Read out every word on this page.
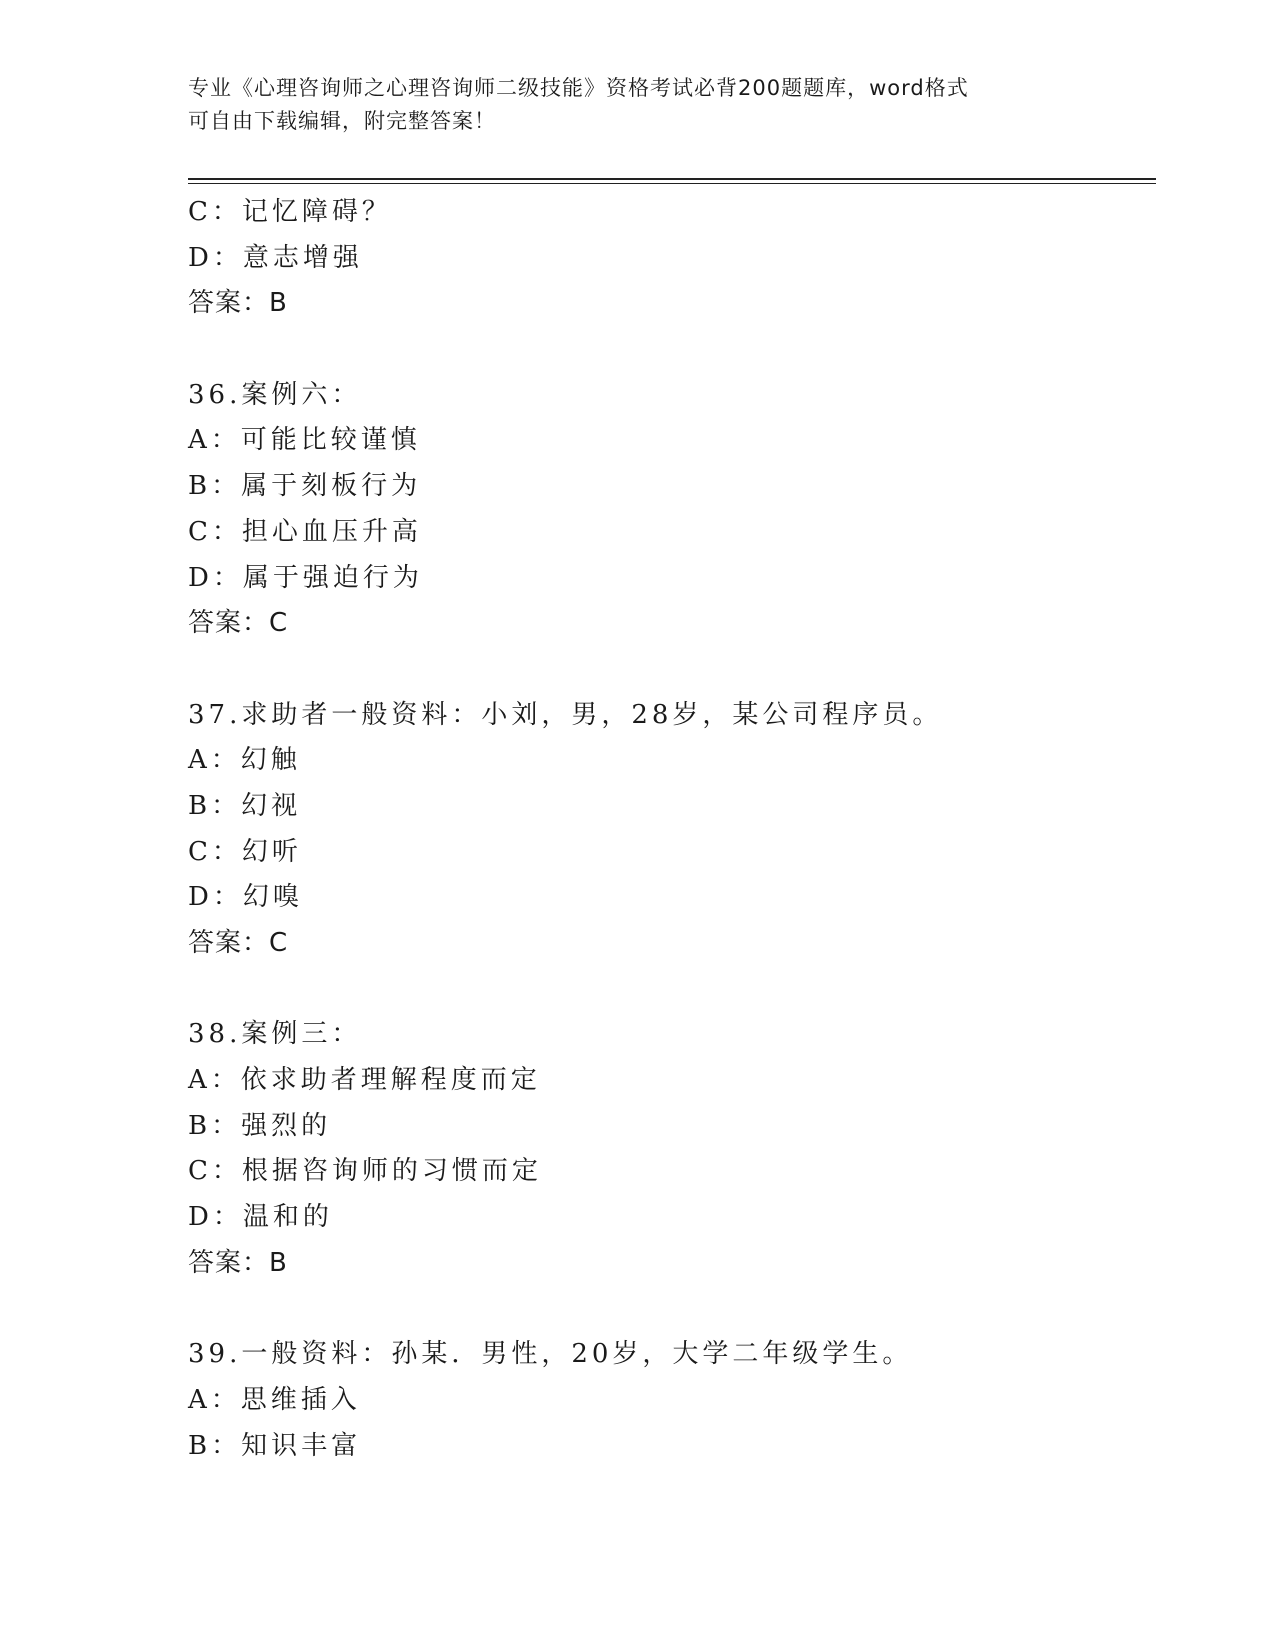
专业《心理咨询师之心理咨询师二级技能》资格考试必背200题题库，word格式
可自由下载编辑，附完整答案！
C：记忆障碍？
D：意志增强
答案：B
36.案例六：
A：可能比较谨慎
B：属于刻板行为
C：担心血压升高
D：属于强迫行为
答案：C
37.求助者一般资料：小刘，男，28岁，某公司程序员。
A：幻触
B：幻视
C：幻听
D：幻嗅
答案：C
38.案例三：
A：依求助者理解程度而定
B：强烈的
C：根据咨询师的习惯而定
D：温和的
答案：B
39.一般资料：孙某．男性，20岁，大学二年级学生。
A：思维插入
B：知识丰富
